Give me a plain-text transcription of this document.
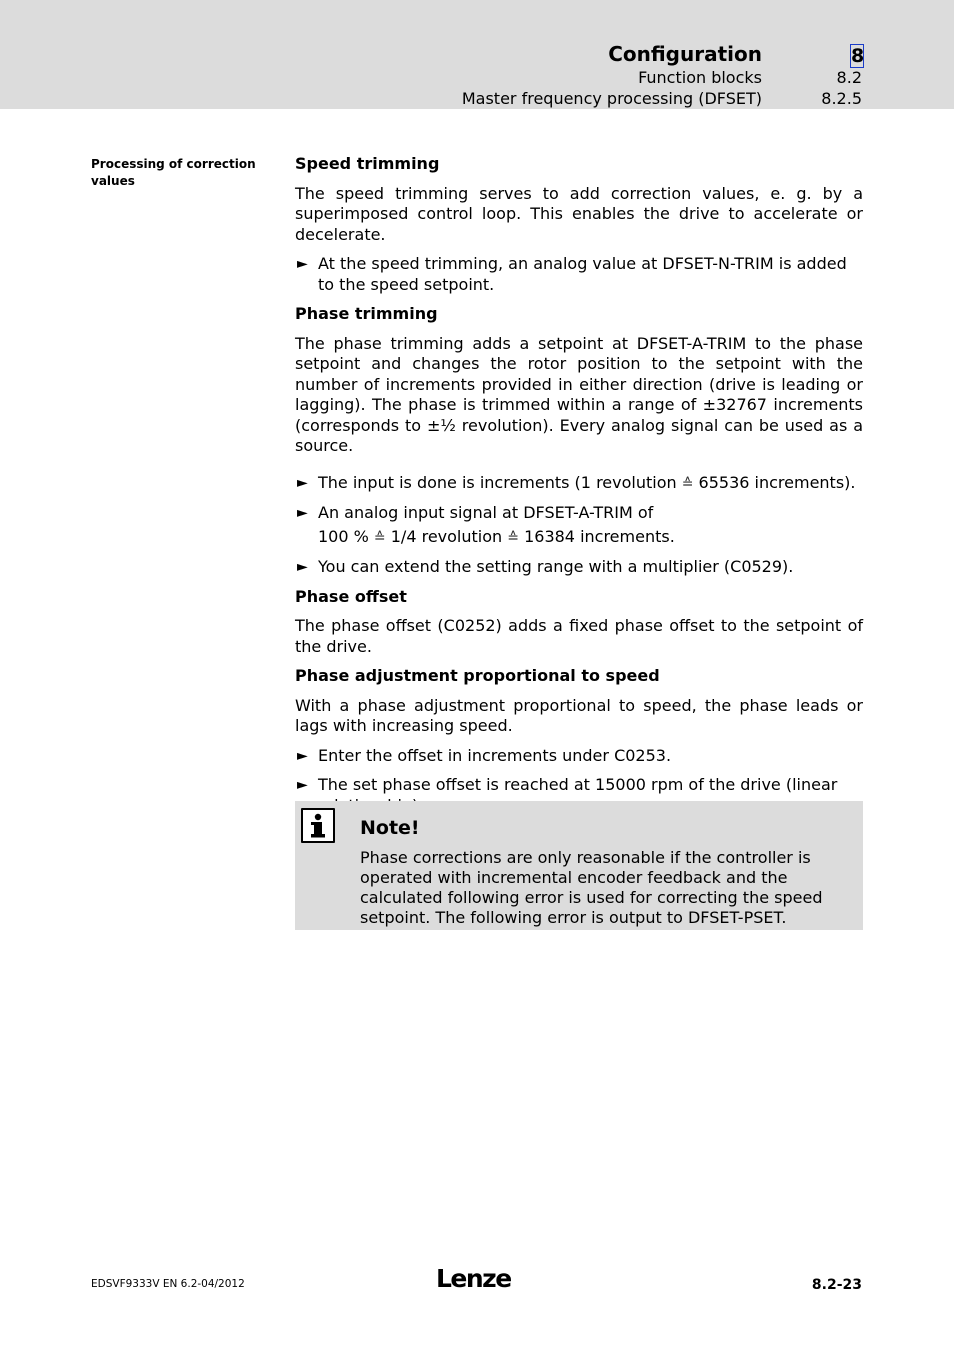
Configuration	8
Function blocks	8.2
Master frequency processing (DFSET)	8.2.5
Processing of correction values
Speed trimming
The speed trimming serves to add correction values, e. g. by a superimposed control loop. This enables the drive to accelerate or decelerate.
► At the speed trimming, an analog value at DFSET-N-TRIM is added to the speed setpoint.
Phase trimming
The phase trimming adds a setpoint at DFSET-A-TRIM to the phase setpoint and changes the rotor position to the setpoint with the number of increments provided in either direction (drive is leading or lagging). The phase is trimmed within a range of ±32767 increments (corresponds to ±½ revolution). Every analog signal can be used as a source.
► The input is done is increments (1 revolution ≙ 65536 increments).
► An analog input signal at DFSET-A-TRIM of
100 % ≙ 1/4 revolution ≙ 16384 increments.
► You can extend the setting range with a multiplier (C0529).
Phase offset
The phase offset (C0252) adds a fixed phase offset to the setpoint of the drive.
Phase adjustment proportional to speed
With a phase adjustment proportional to speed, the phase leads or lags with increasing speed.
► Enter the offset in increments under C0253.
► The set phase offset is reached at 15000 rpm of the drive (linear
Note!
Phase corrections are only reasonable if the controller is operated with incremental encoder feedback and the calculated following error is used for correcting the speed setpoint. The following error is output to DFSET-PSET.
EDSVF9333V EN 6.2-04/2012	Lenze	8.2-23
